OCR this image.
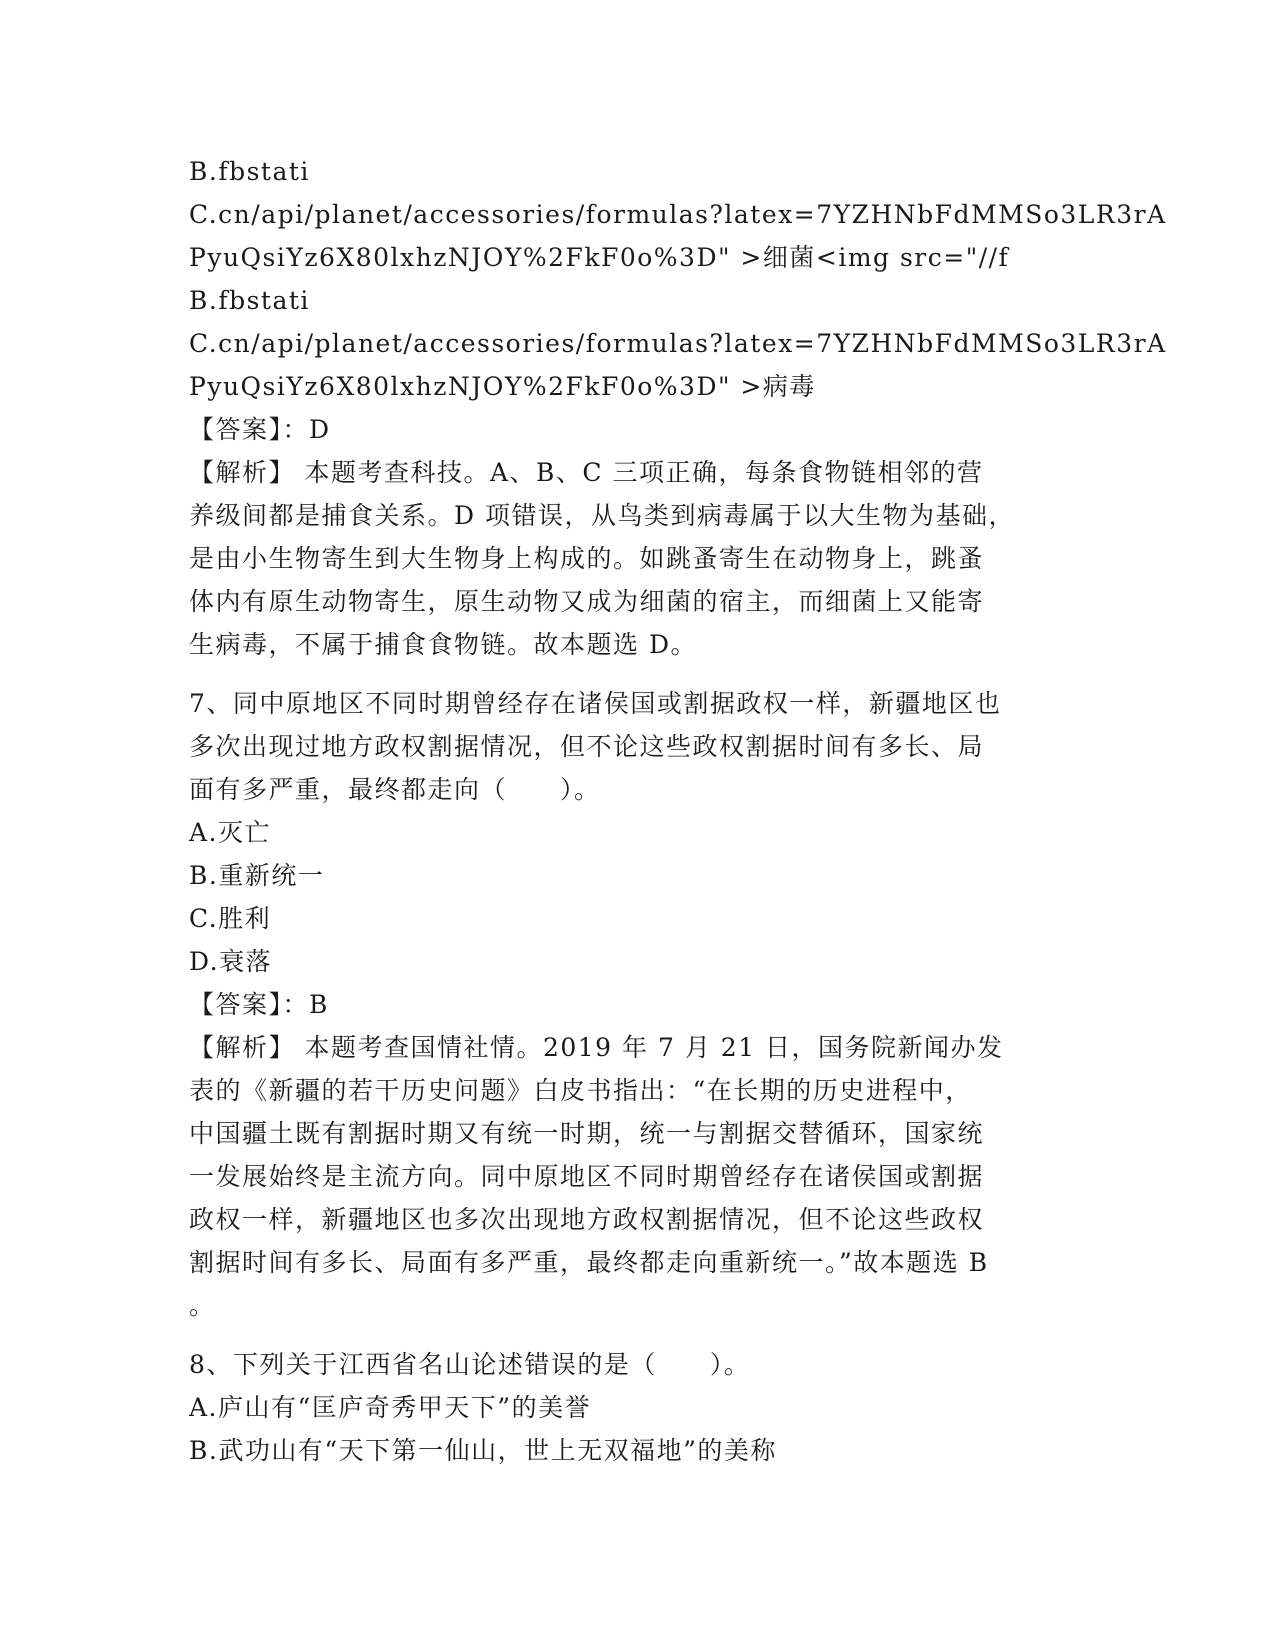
B.fbstati
C.cn/api/planet/accessories/formulas?latex=7YZHNbFdMMSo3LR3rA
PyuQsiYz6X80lxhzNJOY%2FkF0o%3D" >细菌<img src="//f
B.fbstati
C.cn/api/planet/accessories/formulas?latex=7YZHNbFdMMSo3LR3rA
PyuQsiYz6X80lxhzNJOY%2FkF0o%3D" >病毒
【答案】：D
【解析】 本题考查科技。A、B、C 三项正确，每条食物链相邻的营
养级间都是捕食关系。D 项错误，从鸟类到病毒属于以大生物为基础，
是由小生物寄生到大生物身上构成的。如跳蚤寄生在动物身上，跳蚤
体内有原生动物寄生，原生动物又成为细菌的宿主，而细菌上又能寄
生病毒，不属于捕食食物链。故本题选 D。
7、同中原地区不同时期曾经存在诸侯国或割据政权一样，新疆地区也
多次出现过地方政权割据情况，但不论这些政权割据时间有多长、局
面有多严重，最终都走向（　　）。
A.灭亡
B.重新统一
C.胜利
D.衰落
【答案】：B
【解析】 本题考查国情社情。2019 年 7 月 21 日，国务院新闻办发
表的《新疆的若干历史问题》白皮书指出：“在长期的历史进程中，
中国疆土既有割据时期又有统一时期，统一与割据交替循环，国家统
一发展始终是主流方向。同中原地区不同时期曾经存在诸侯国或割据
政权一样，新疆地区也多次出现地方政权割据情况，但不论这些政权
割据时间有多长、局面有多严重，最终都走向重新统一。”故本题选 B
。
8、下列关于江西省名山论述错误的是（　　）。
A.庐山有“匡庐奇秀甲天下”的美誉
B.武功山有“天下第一仙山，世上无双福地”的美称
